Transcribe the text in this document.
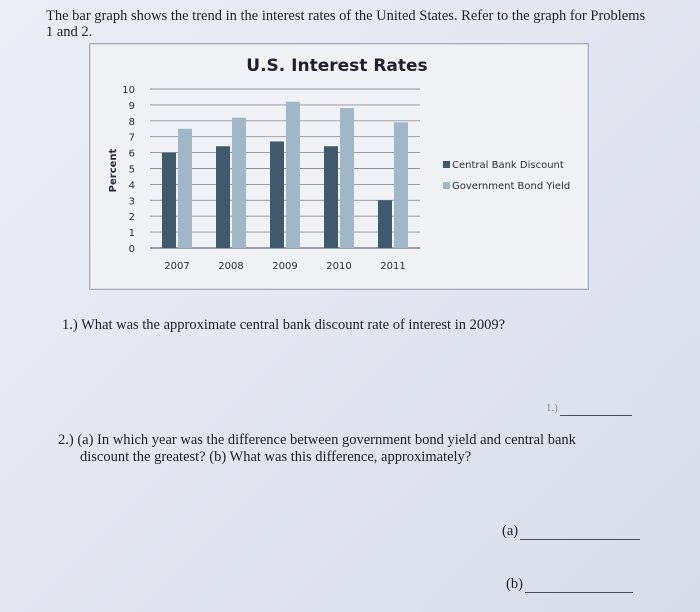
The bar graph shows the trend in the interest rates of the United States. Refer to the graph for Problems 1 and 2.
U.S. Interest Rates
0
1
2
3
4
5
6
7
8
9
10
Percent
2007	2008	2009	2010	2011
Central Bank Discount
Government Bond Yield
1.) What was the approximate central bank discount rate of interest in 2009?
1.)
2.) (a) In which year was the difference between government bond yield and central bank
discount the greatest? (b) What was this difference, approximately?
(a)
(b)
